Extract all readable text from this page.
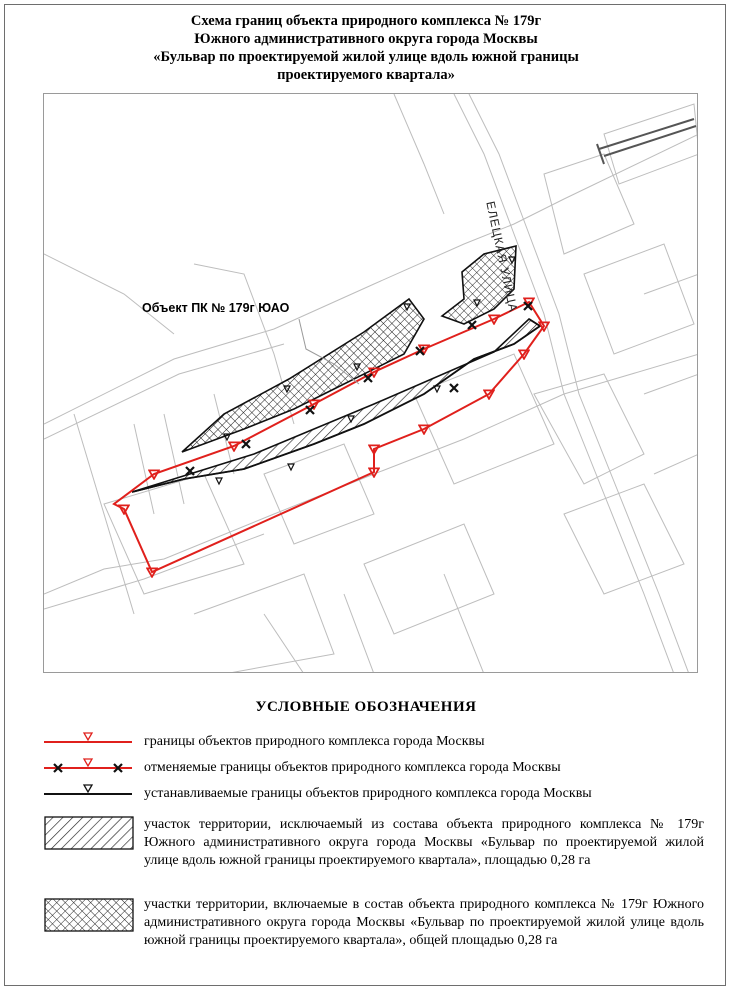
Схема границ объекта природного комплекса № 179г
Южного административного округа города Москвы
«Бульвар по проектируемой жилой улице вдоль южной границы
проектируемого квартала»
Объект ПК № 179г ЮАО	ЕЛЕЦКАЯ УЛИЦА
УСЛОВНЫЕ ОБОЗНАЧЕНИЯ
границы объектов природного комплекса города Москвы
отменяемые границы объектов природного комплекса города Москвы
устанавливаемые границы объектов природного комплекса города Москвы
участок территории, исключаемый из состава объекта природного комплекса № 179г Южного административного округа города Москвы «Бульвар по проектируемой жилой улице вдоль южной границы проектируемого квартала», площадью 0,28 га
участки территории, включаемые в состав объекта природного комплекса № 179г Южного административного округа города Москвы «Бульвар по проектируемой жилой улице вдоль южной границы проектируемого квартала», общей площадью 0,28 га
